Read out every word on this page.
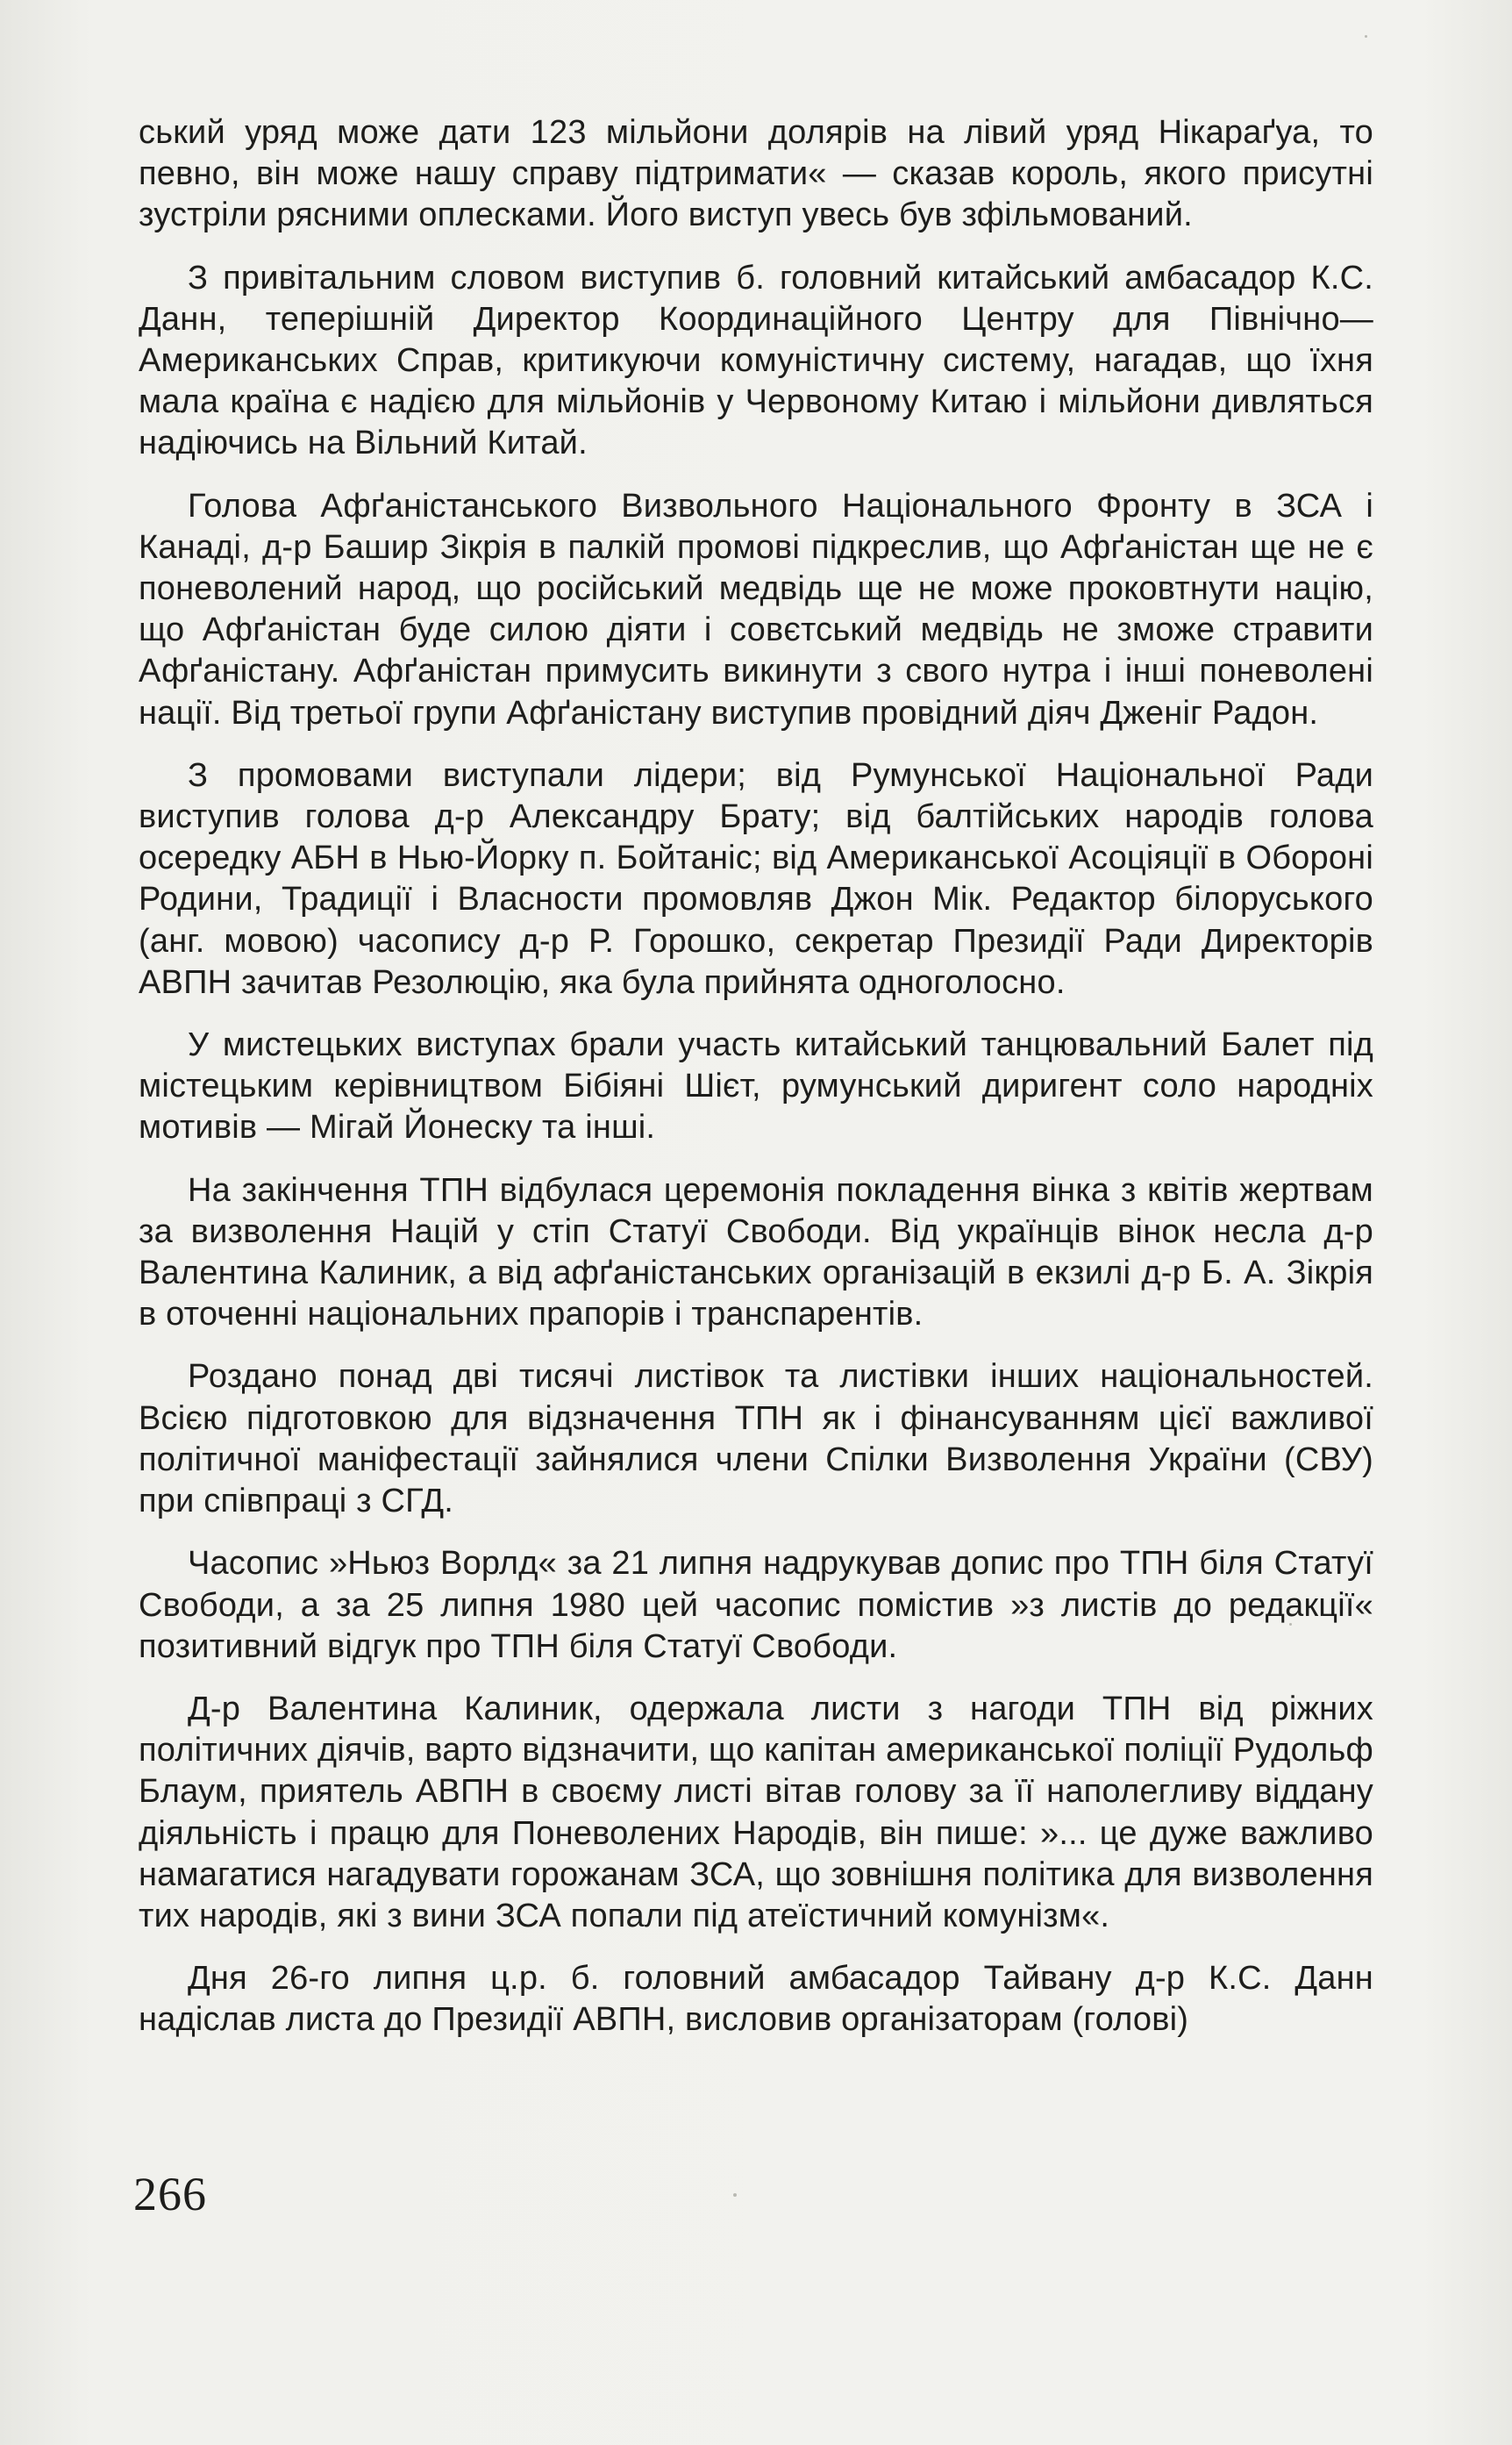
ський уряд може дати 123 мільйони долярів на лівий уряд Нікараґуа, то певно, він може нашу справу підтримати« — сказав король, якого присутні зустріли рясними оплесками. Його виступ увесь був зфільмований.

З привітальним словом виступив б. головний китайський амбасадор К.С. Данн, теперішній Директор Координаційного Центру для Північно—Американських Справ, критикуючи комуністичну систему, нагадав, що їхня мала країна є надією для мільйонів у Червоному Китаю і мільйони дивляться надіючись на Вільний Китай.

Голова Афґаністанського Визвольного Національного Фронту в ЗСА і Канаді, д-р Башир Зікрія в палкій промові підкреслив, що Афґаністан ще не є поневолений народ, що російський медвідь ще не може проковтнути націю, що Афґаністан буде силою діяти і совєтський медвідь не зможе стравити Афґаністану. Афґаністан примусить викинути з свого нутра і інші поневолені нації. Від третьої групи Афґаністану виступив провідний діяч Дженіг Радон.

З промовами виступали лідери; від Румунської Національної Ради виступив голова д-р Александру Брату; від балтійських народів голова осередку АБН в Нью-Йорку п. Бойтаніс; від Американської Асоціяції в Обороні Родини, Традиції і Власности промовляв Джон Мік. Редактор білоруського (анг. мовою) часопису д-р Р. Горошко, секретар Президії Ради Директорів АВПН зачитав Резолюцію, яка була прийнята одноголосно.

У мистецьких виступах брали участь китайський танцювальний Балет під містецьким керівництвом Бібіяні Шієт, румунський диригент соло народніх мотивів — Мігай Йонеску та інші.

На закінчення ТПН відбулася церемонія покладення вінка з квітів жертвам за визволення Націй у стіп Статуї Свободи. Від українців вінок несла д-р Валентина Калиник, а від афґаністанських організацій в екзилі д-р Б. А. Зікрія в оточенні національних прапорів і транспарентів.

Роздано понад дві тисячі листівок та листівки інших національностей. Всією підготовкою для відзначення ТПН як і фінансуванням цієї важливої політичної маніфестації зайнялися члени Спілки Визволення України (СВУ) при співпраці з СГД.

Часопис »Ньюз Ворлд« за 21 липня надрукував допис про ТПН біля Статуї Свободи, а за 25 липня 1980 цей часопис помістив »з листів до редакції« позитивний відгук про ТПН біля Статуї Свободи.

Д-р Валентина Калиник, одержала листи з нагоди ТПН від ріжних політичних діячів, варто відзначити, що капітан американської поліції Рудольф Блаум, приятель АВПН в своєму листі вітав голову за її наполегливу віддану діяльність і працю для Поневолених Народів, він пише: »... це дуже важливо намагатися нагадувати горожанам ЗСА, що зовнішня політика для визволення тих народів, які з вини ЗСА попали під атеїстичний комунізм«.

Дня 26-го липня ц.р. б. головний амбасадор Тайвану д-р К.С. Данн надіслав листа до Президії АВПН, висловив організаторам (голові)

266
